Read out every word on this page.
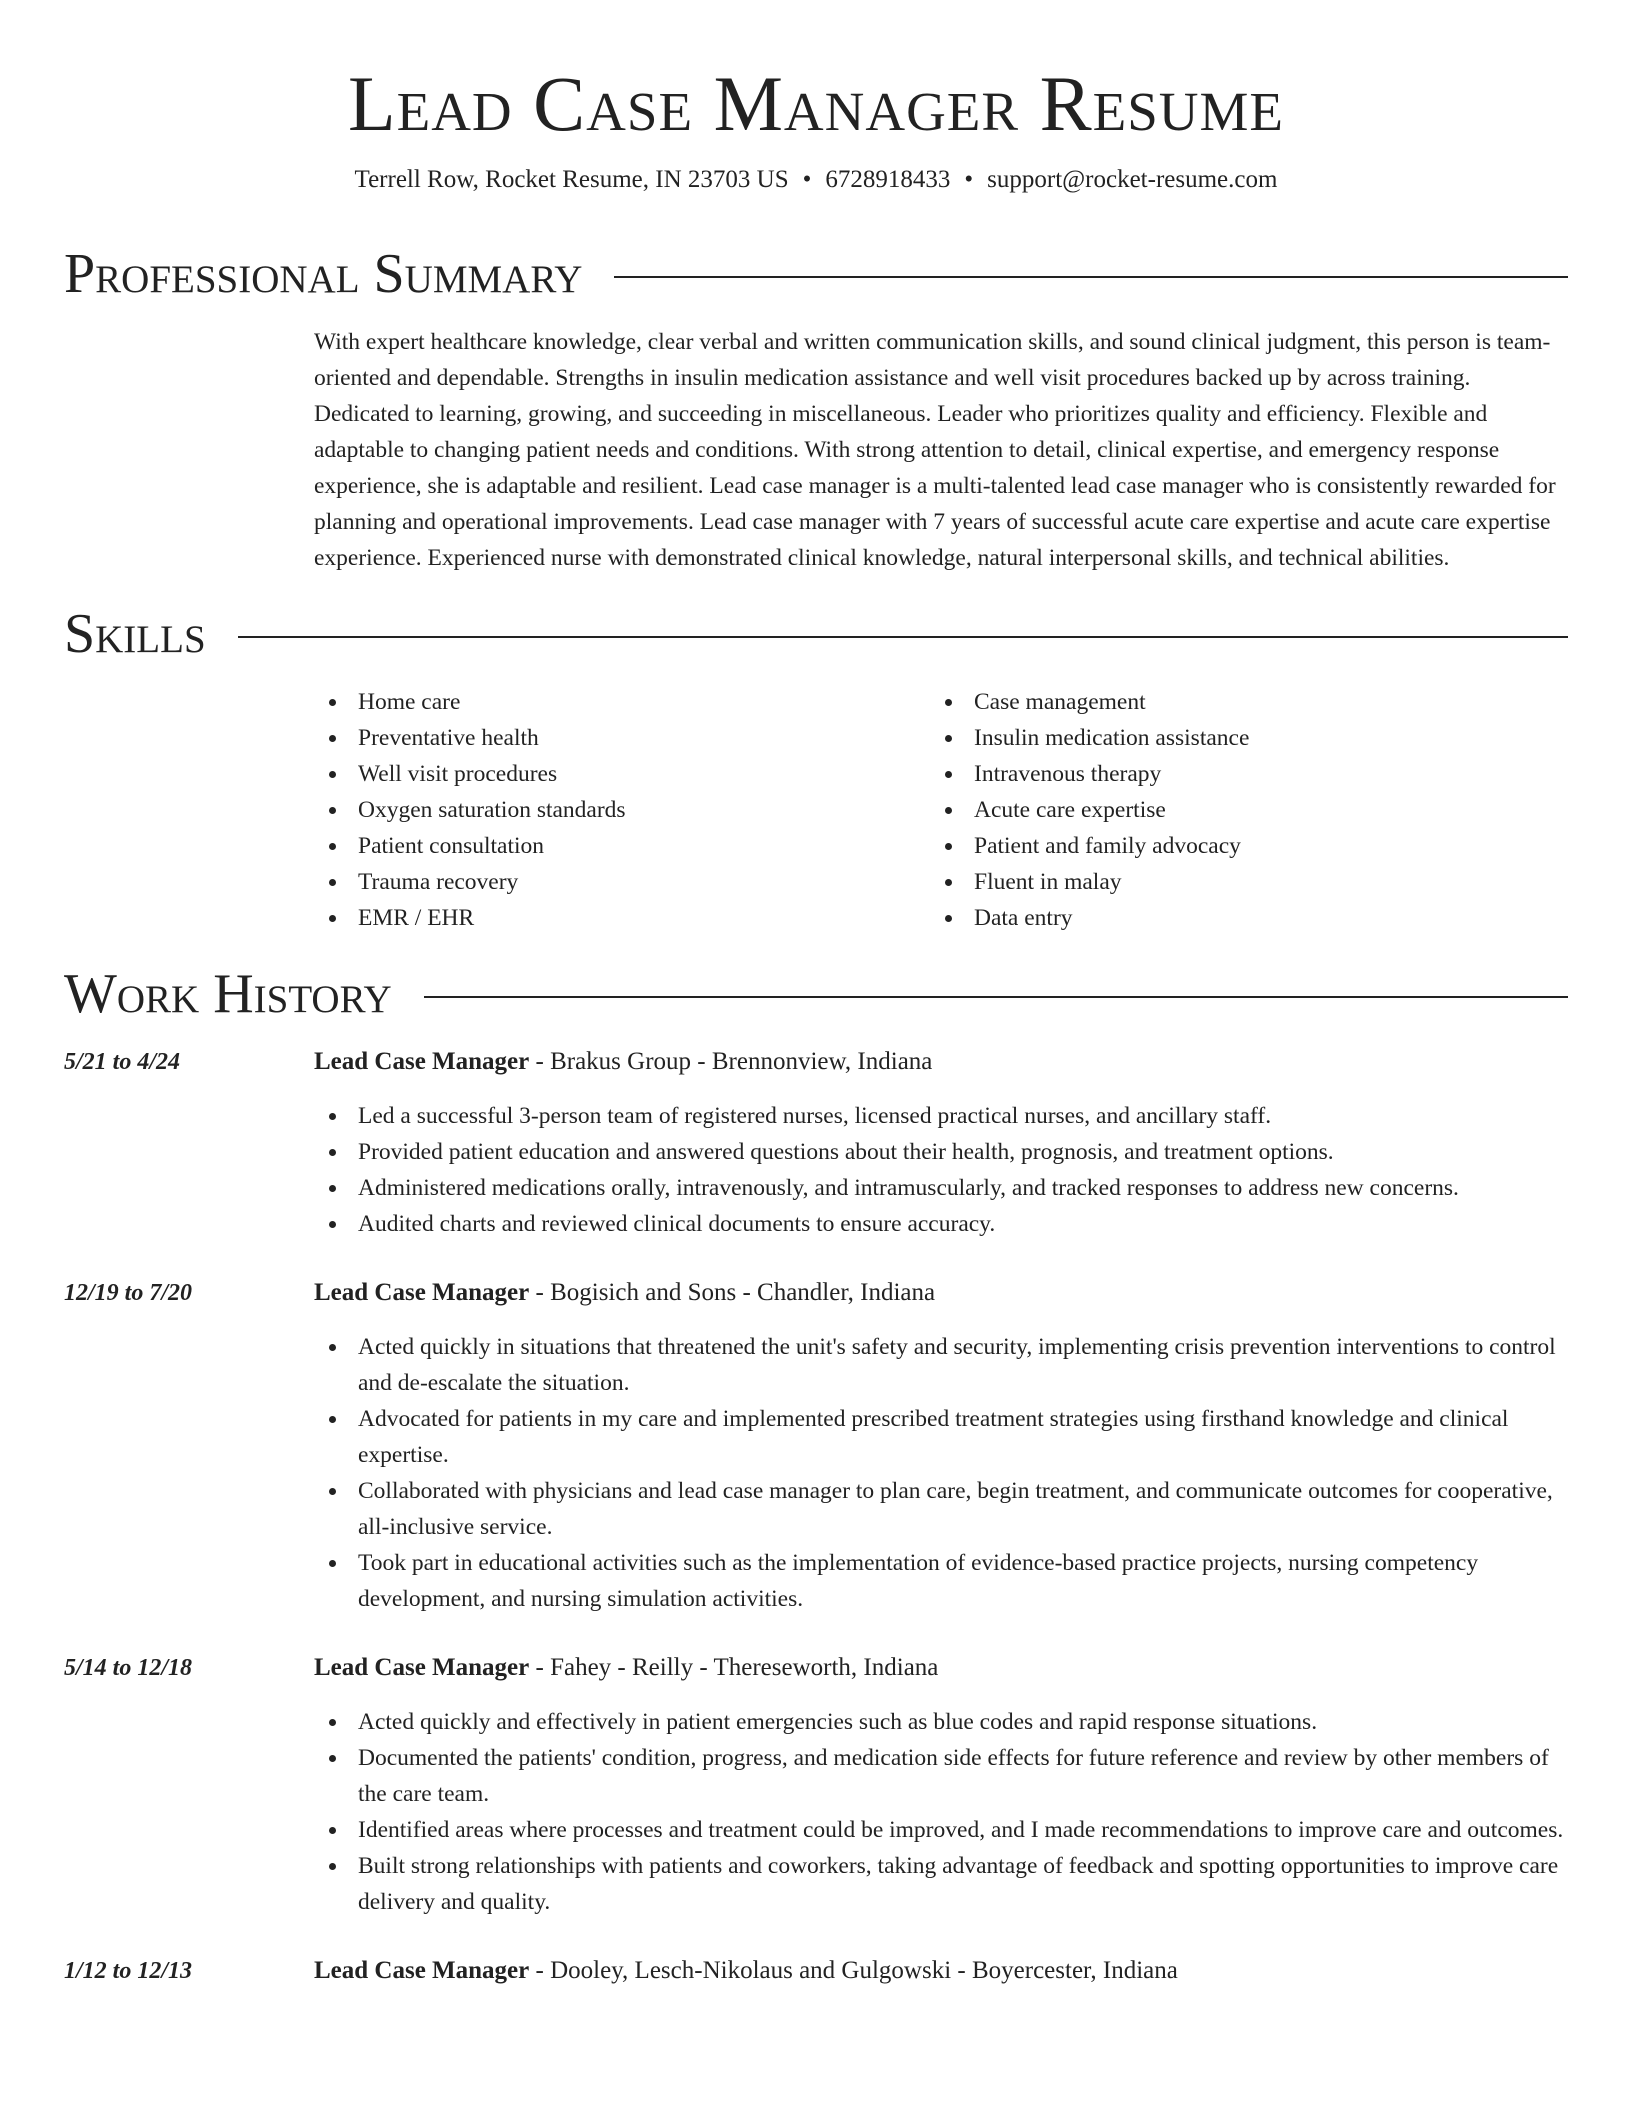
Lead Case Manager Resume
Terrell Row, Rocket Resume, IN 23703 US • 6728918433 • support@rocket-resume.com
Professional Summary

With expert healthcare knowledge, clear verbal and written communication skills, and sound clinical judgment, this person is team-oriented and dependable. Strengths in insulin medication assistance and well visit procedures backed up by across training. Dedicated to learning, growing, and succeeding in miscellaneous. Leader who prioritizes quality and efficiency. Flexible and adaptable to changing patient needs and conditions. With strong attention to detail, clinical expertise, and emergency response experience, she is adaptable and resilient. Lead case manager is a multi-talented lead case manager who is consistently rewarded for planning and operational improvements. Lead case manager with 7 years of successful acute care expertise and acute care expertise experience. Experienced nurse with demonstrated clinical knowledge, natural interpersonal skills, and technical abilities.

Skills
Home care
Preventative health
Well visit procedures
Oxygen saturation standards
Patient consultation
Trauma recovery
EMR / EHR
Case management
Insulin medication assistance
Intravenous therapy
Acute care expertise
Patient and family advocacy
Fluent in malay
Data entry
Work History
5/21 to 4/24	Lead Case Manager - Brakus Group - Brennonview, Indiana
Led a successful 3-person team of registered nurses, licensed practical nurses, and ancillary staff.
Provided patient education and answered questions about their health, prognosis, and treatment options.
Administered medications orally, intravenously, and intramuscularly, and tracked responses to address new concerns.
Audited charts and reviewed clinical documents to ensure accuracy.
12/19 to 7/20	Lead Case Manager - Bogisich and Sons - Chandler, Indiana
Acted quickly in situations that threatened the unit's safety and security, implementing crisis prevention interventions to control and de-escalate the situation.
Advocated for patients in my care and implemented prescribed treatment strategies using firsthand knowledge and clinical expertise.
Collaborated with physicians and lead case manager to plan care, begin treatment, and communicate outcomes for cooperative, all-inclusive service.
Took part in educational activities such as the implementation of evidence-based practice projects, nursing competency development, and nursing simulation activities.
5/14 to 12/18	Lead Case Manager - Fahey - Reilly - Thereseworth, Indiana
Acted quickly and effectively in patient emergencies such as blue codes and rapid response situations.
Documented the patients' condition, progress, and medication side effects for future reference and review by other members of the care team.
Identified areas where processes and treatment could be improved, and I made recommendations to improve care and outcomes.
Built strong relationships with patients and coworkers, taking advantage of feedback and spotting opportunities to improve care delivery and quality.
1/12 to 12/13	Lead Case Manager - Dooley, Lesch-Nikolaus and Gulgowski - Boyercester, Indiana
